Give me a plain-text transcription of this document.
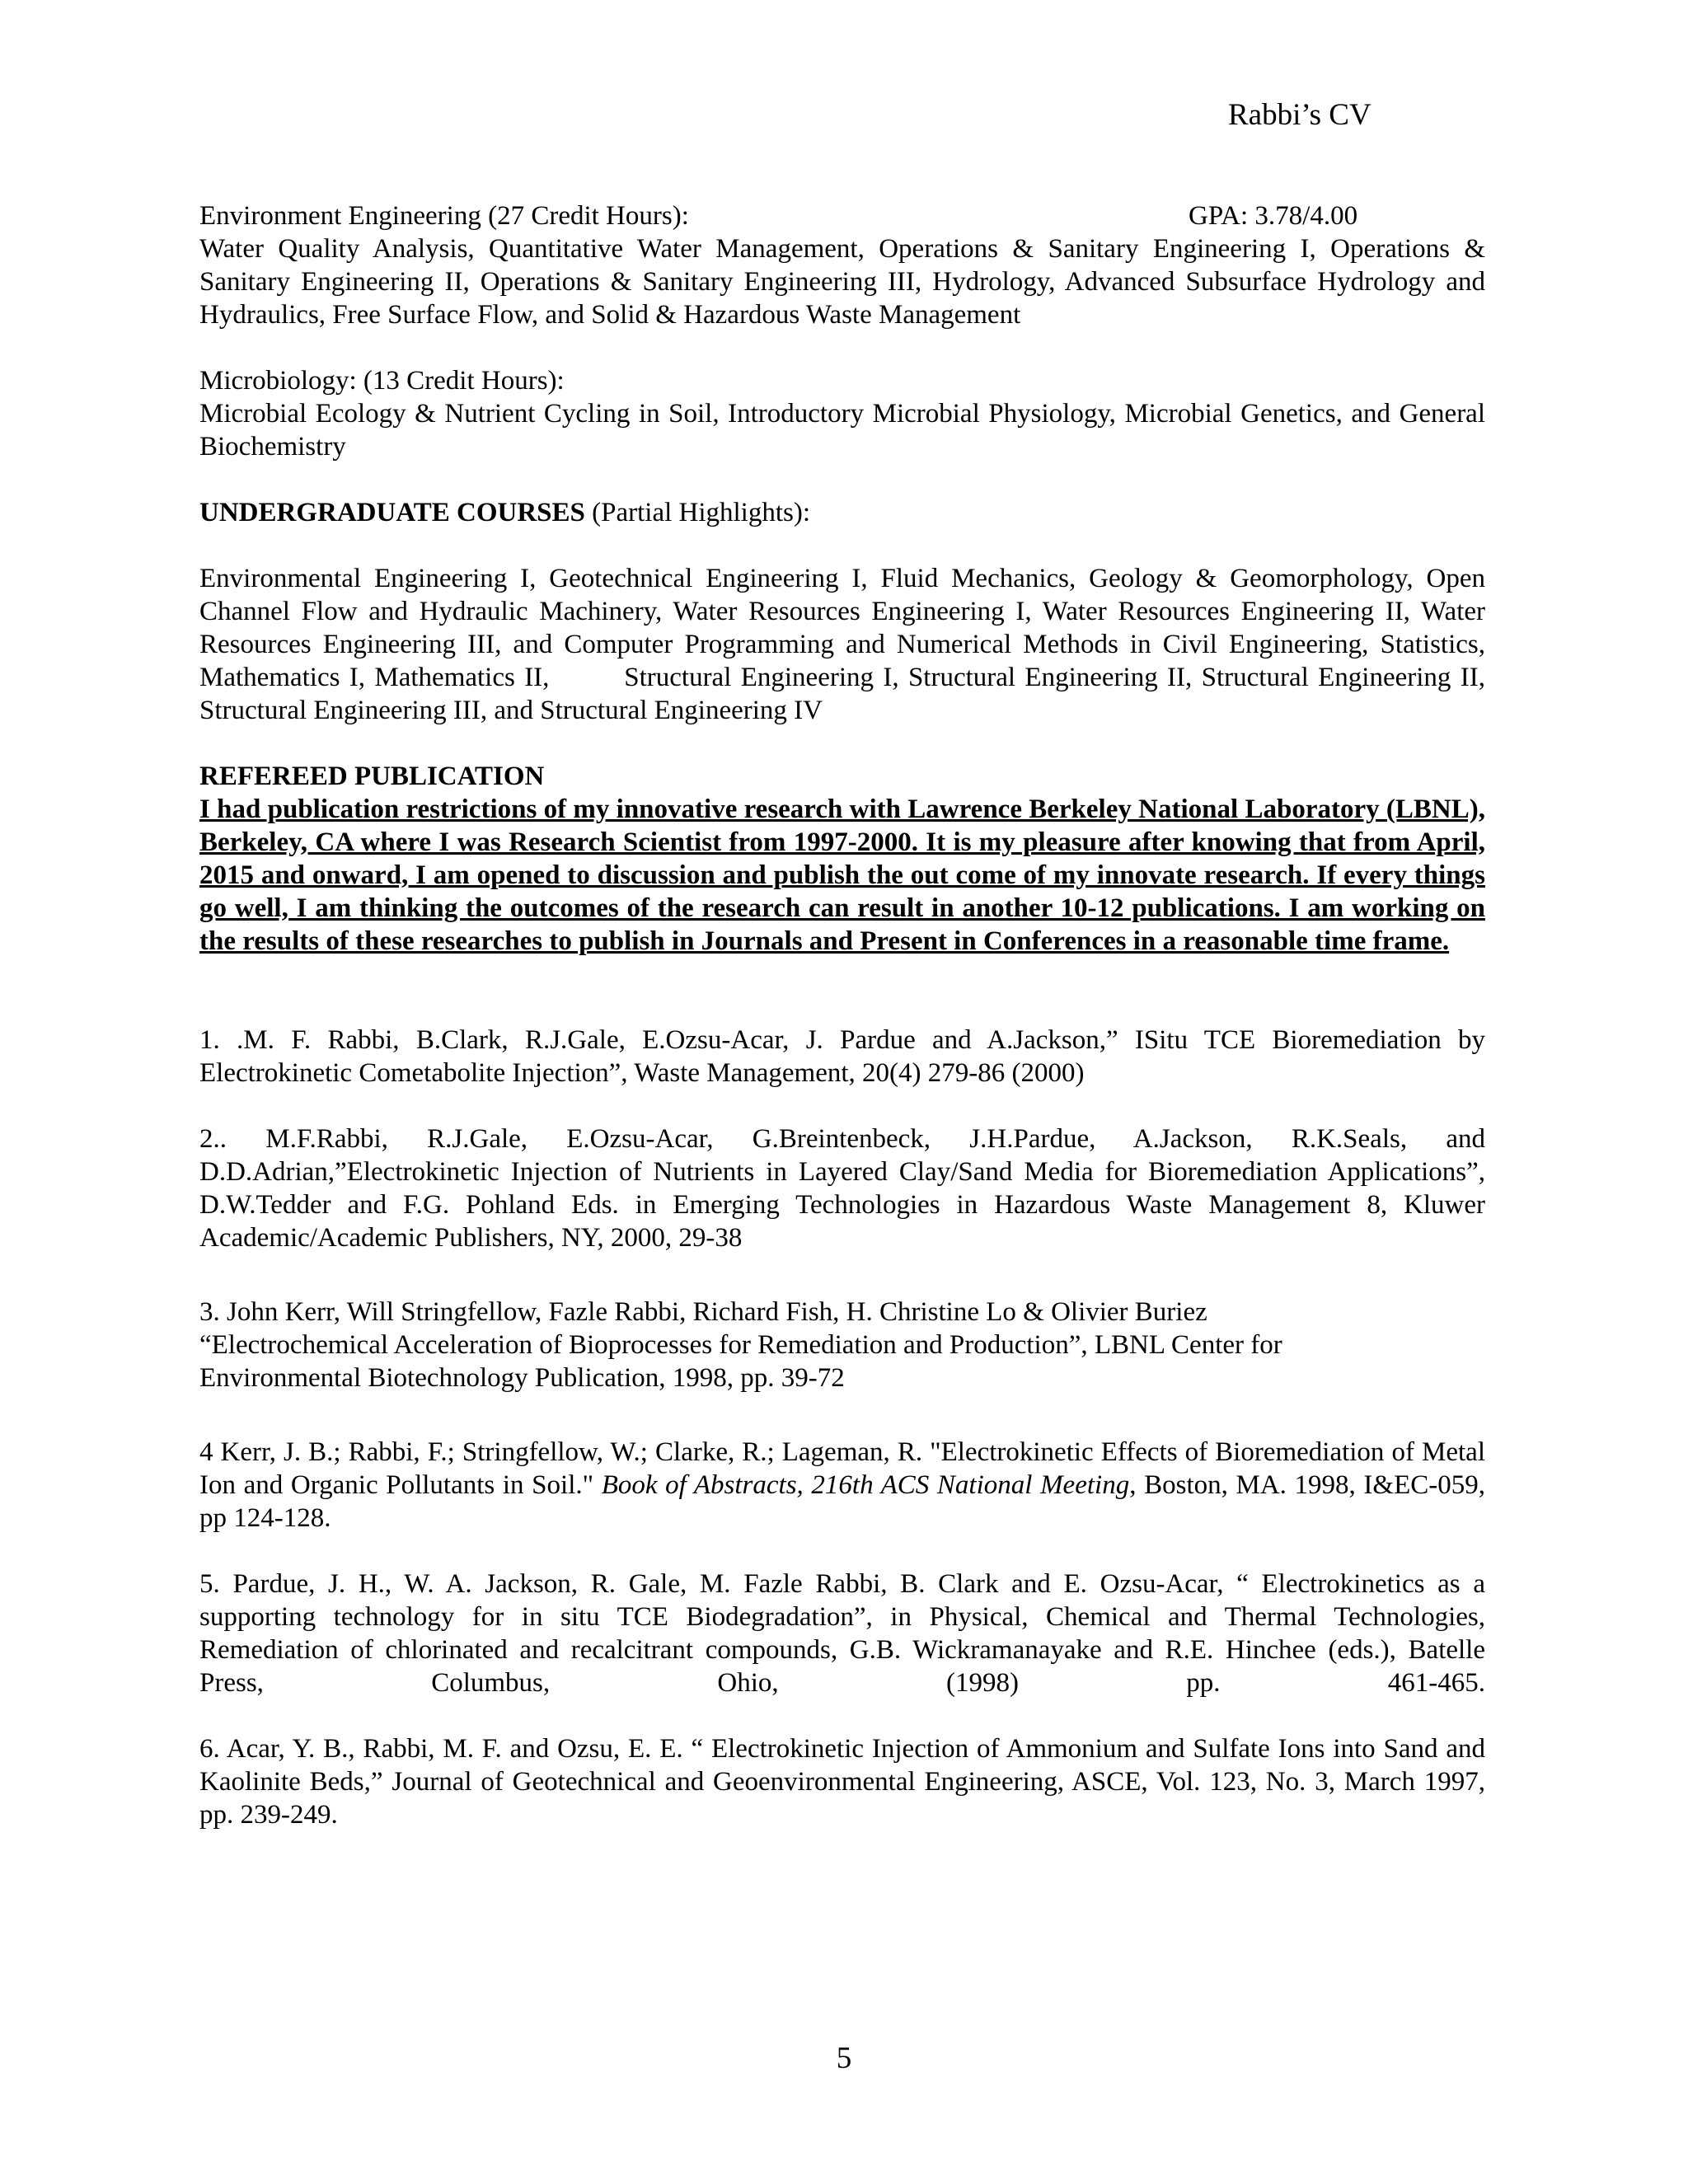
Rabbi’s CV
Environment Engineering (27 Credit Hours):	GPA: 3.78/4.00

Water Quality Analysis, Quantitative Water Management, Operations & Sanitary Engineering I, Operations & Sanitary Engineering II, Operations & Sanitary Engineering III, Hydrology, Advanced Subsurface Hydrology and Hydraulics, Free Surface Flow, and Solid & Hazardous Waste Management

Microbiology: (13 Credit Hours):

Microbial Ecology & Nutrient Cycling in Soil, Introductory Microbial Physiology, Microbial Genetics, and General Biochemistry

UNDERGRADUATE COURSES (Partial Highlights):

Environmental Engineering I, Geotechnical Engineering I, Fluid Mechanics, Geology & Geomorphology, Open Channel Flow and Hydraulic Machinery, Water Resources Engineering I, Water Resources Engineering II, Water Resources Engineering III, and Computer Programming and Numerical Methods in Civil Engineering, Statistics, Mathematics I, Mathematics II,        Structural Engineering I, Structural Engineering II, Structural Engineering II, Structural Engineering III, and Structural Engineering IV

REFEREED PUBLICATION

I had publication restrictions of my innovative research with Lawrence Berkeley National Laboratory (LBNL), Berkeley, CA where I was Research Scientist from 1997-2000. It is my pleasure after knowing that from April, 2015 and onward, I am opened to discussion and publish the out come of my innovate research. If every things go well, I am thinking the outcomes of the research can result in another 10-12 publications. I am working on the results of these researches to publish in Journals and Present in Conferences in a reasonable time frame.

1. .M. F. Rabbi, B.Clark, R.J.Gale, E.Ozsu-Acar, J. Pardue and A.Jackson,” ISitu TCE Bioremediation by Electrokinetic Cometabolite Injection”, Waste Management, 20(4) 279-86 (2000)

2.. M.F.Rabbi, R.J.Gale, E.Ozsu-Acar, G.Breintenbeck, J.H.Pardue, A.Jackson, R.K.Seals, and D.D.Adrian,”Electrokinetic Injection of Nutrients in Layered Clay/Sand Media for Bioremediation Applications”, D.W.Tedder and F.G. Pohland Eds. in Emerging Technologies in Hazardous Waste Management 8, Kluwer Academic/Academic Publishers, NY, 2000, 29-38

3. John Kerr, Will Stringfellow, Fazle Rabbi, Richard Fish, H. Christine Lo & Olivier Buriez

“Electrochemical Acceleration of Bioprocesses for Remediation and Production”, LBNL Center for

Environmental Biotechnology Publication, 1998, pp. 39-72

4 Kerr, J. B.; Rabbi, F.; Stringfellow, W.; Clarke, R.; Lageman, R. "Electrokinetic Effects of Bioremediation of Metal Ion and Organic Pollutants in Soil." Book of Abstracts, 216th ACS National Meeting, Boston, MA. 1998, I&EC-059, pp 124-128.

5. Pardue, J. H., W. A. Jackson, R. Gale, M. Fazle Rabbi, B. Clark and E. Ozsu-Acar, “ Electrokinetics as a supporting technology for in situ TCE Biodegradation”, in Physical, Chemical and Thermal Technologies, Remediation of chlorinated and recalcitrant compounds, G.B. Wickramanayake and R.E. Hinchee (eds.), Batelle Press, Columbus, Ohio, (1998) pp. 461-465.

6. Acar, Y. B., Rabbi, M. F. and Ozsu, E. E. “ Electrokinetic Injection of Ammonium and Sulfate Ions into Sand and Kaolinite Beds,” Journal of Geotechnical and Geoenvironmental Engineering, ASCE, Vol. 123, No. 3, March 1997, pp. 239-249.

5
